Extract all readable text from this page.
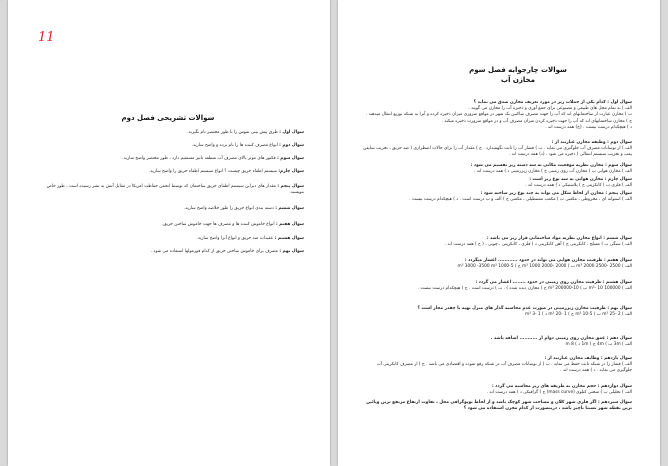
11
سوالات تشریحی فصل دوم
سوال اول : طرق پیش بینی نفوس را با طور مختصر نام بگیرید.
سوال دوم : انواع مصرف کننده ها را نام برده و واضح سازید.
سوال سوم : فکتور های موثر بالای مصرف آب منطقه تاثیر مستقیم دارد ، طور مختصر واضح سازید.
سوال چارم: سیستم اطفاء حریق چیست ؟ انواع سیستم اطفاء حریق را واضح سازید.
سوال پنجم : مقدار های دیزاین سیستم اطفای حریق ساختمان که توسط انجمن حفاظت امریکا در مقابل آتش به نشر رسیده است ، طور خاص بنویسید.
سوال ششم : دسته بندی انواع حریق را طور خلاصه واضح سازید.
سوال هفتم : انواع خاموش کننده ها و مصرف ها جهت خاموش ساختن حریق.
سوال هشتم : عقیدات ضد حریق و انواع آنرا واضح سازید.
سوال نهم : مصرف برای خاموش ساختن حریق از کدام فورمولها استفاده می شود .
سوالات چارجوابه فصل سوم
مخازن آب
سوال اول : کدام یکی از جملات زیر در مورد تعریف مخازن صدق می نماید ؟
الف ) به تمام محل های طبیعی و مصنوعی برای جمع آوری و ذخیره آب را مخازن می گویند .
ب ) مخازن عبارت از ساختمانهای اند که آب را جهت مصرف ساکنین یک شهر در مواقع ضروری میزان ذخیره کرده و آنرا به شبکه توزیع انتقال میدهند .
ج ) مخازن ساختمانهای اند که آب را جهت ذخیره کردن میزان مصرف آب و در مواقع ضرورت ذخیره میکند .
د ) هیچکدام درست نیست . (ج) همه درست اند .
سوال دوم : وظیفه مخازن عبارتند از :
الف ) از نوسانات مصرف آب جلوگیری می نماید . ب ) فشار آب را ثابت نگهمیدارد . ج ) مقدار آب را برای حالات اضطراری ( ضد حریق ، تخریب سایفن پمپ و تخریب سیستم انتقالی ) ذخیره می شود . (د) همه درست اند .
سوال سوم : مخازن نظریه موقعیت مکانی به سه دسته زیر تقسیم می شود :
الف ) مخازن هوایی ب ) مخازن آب روی زمینی ج ) مخازن زیرزمینی د ) همه درست اند .
سوال چارم : مخازن هوایی به سه نوع زیر است :
الف ) فلزی ب ) کانکریتی ج ) پلاستیکی د ) همه درست اند .
سوال پنجم : مخازن از لحاظ شکل می تواند به چند نوع زیر ساخته شود :
الف ) استوانه ای ، مخروطی ، مکعبی ب ) مکعب مستطیلی ، مکعبی ج ) الف و ب درست است . د ) هیچکدام درست نیست .
سوال ششم : انواع مخازن نظریه مواد ساختمانی قرار زیر می باشد :
الف ) سنگی ب ) مسلح ، کانکریتی ج ) آهن کانکریتی د ) فلزی ، کانکریتی ، چوبی ، ( ج ) همه درست اند .
سوال هفتم : ظرفیت مخازن هوایی می تواند در حدود ............ اعشار میگردد :
الف ) 2500 -2500 m³ 2000 ب ) 2000 -2000 m³ 1000 ج ) 5-1000 m³ 3000 -3500 m³
سوال هشتم : ظرفیت مخازن روی زمینی در حدود ........ اعشار می گردد :
الف ) 100000 m³- 10 ب ) 10-200000 m³ ج ) مخازن دیده شده ) . ب ) درست است . ج ) هیچکدام درست نیست .
سوال نهم : ظرفیت مخازن زیرزمینی در صورت عدم محاسبه گذار های منزل تهیه تا چقدر مجاز است ؟
الف ) 2 -25 m³ ب ) 5-10 m³ ج ) 1 -20 m³ د ) 1 -3 m³
سوال دهم : عمق مخازن روی زمینی دوام از ........... اضافه باشد .
الف ) 3m ب ) 4m ج ) 1m د ) 8 m
سوال یازدهم : وظایف مخازن عبارتند از :
الف ) فشار را در شبکه ثابت حفظ می نماید . ب ) از نوسانات مصرف آب در شبکه رفع نموده و اقتصادی می باشد . ج ) از مصرف کانکریتی آب جلوگیری می نماید . د ) همه درست اند .
سوال دوازدهم : حجم مخازن به طریقه های زیر محاسبه می گردد :
الف ) تحلیلی ب ) منحنی کتلوی (mass curve) ج ) گرافیکی د ) همه درست اند .
سوال سیزدهم : اگر فلزی شهر کلان و مساحت شهر کوچک باشد و از لحاظ توپوگرافی محل ، تفاوت ارتفاع مرتفع ترین وپائین ترین نقطه شهر نسبتا ناچیز باشد ، درینصورت از کدام مخزن استفاده می شود ؟
